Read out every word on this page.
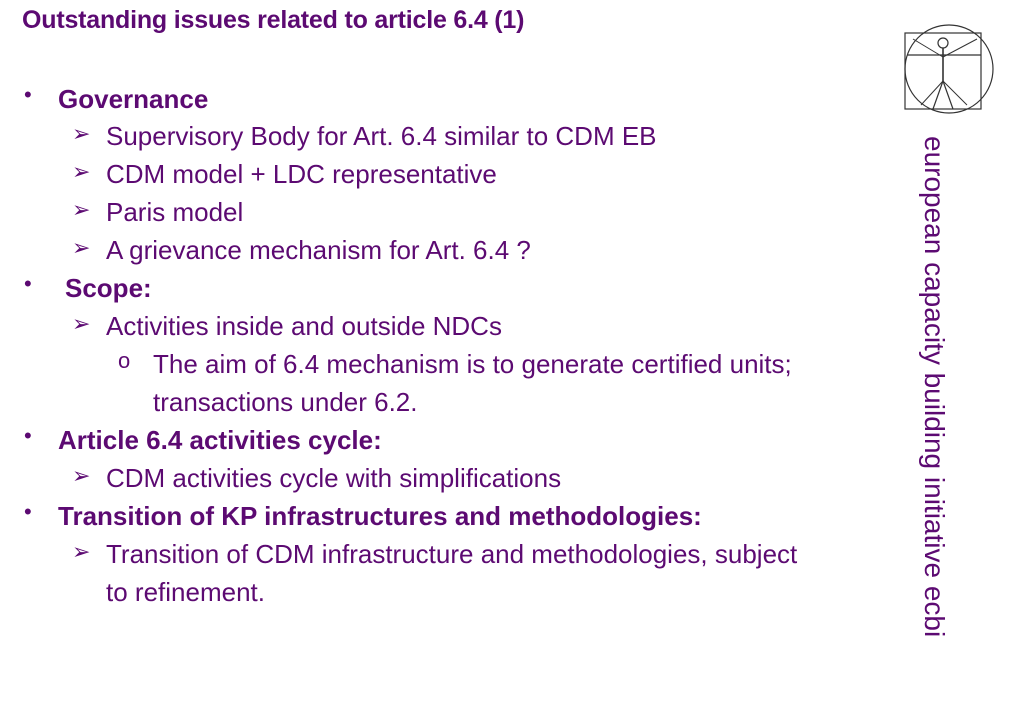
Outstanding issues related to article 6.4 (1)
• Governance
➢ Supervisory Body for Art. 6.4 similar to CDM EB
➢ CDM model + LDC representative
➢ Paris model
➢ A grievance mechanism for Art. 6.4 ?
• Scope:
➢ Activities inside and outside NDCs
o The aim of 6.4 mechanism is to generate certified units;
transactions under 6.2.
• Article 6.4 activities cycle:
➢ CDM activities cycle with simplifications
• Transition of KP infrastructures and methodologies:
➢ Transition of CDM infrastructure and methodologies, subject
to refinement.
european capacity building initiative ecbi
